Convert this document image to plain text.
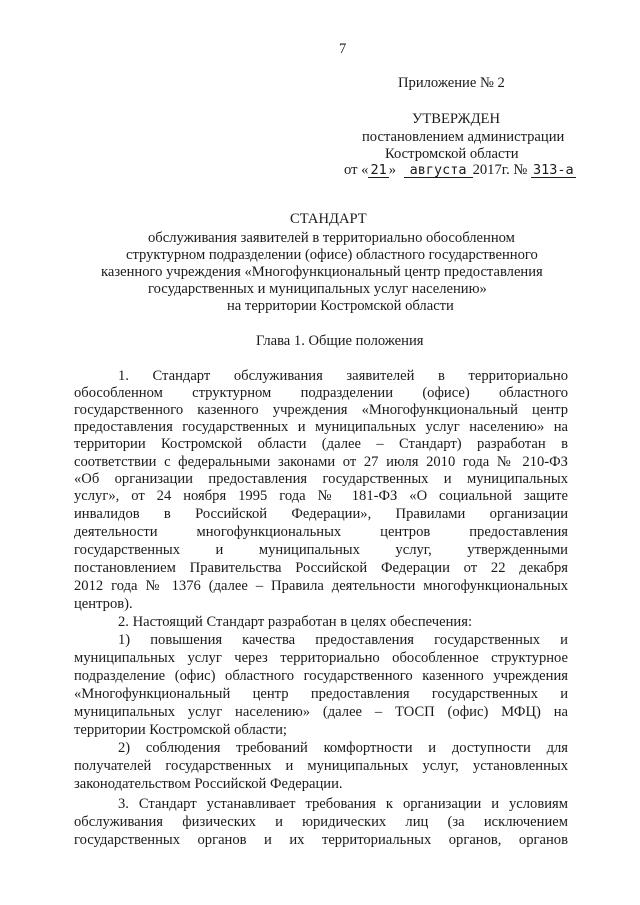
7
Приложение № 2
УТВЕРЖДЕН
постановлением администрации
Костромской области
от « 21 » августа 2017г. № 313-а
СТАНДАРТ
обслуживания заявителей в территориально обособленном
структурном подразделении (офисе) областного государственного
казенного учреждения «Многофункциональный центр предоставления
государственных и муниципальных услуг населению»
на территории Костромской области
Глава 1. Общие положения
1. Стандарт обслуживания заявителей в территориально
обособленном структурном подразделении (офисе) областного
государственного казенного учреждения «Многофункциональный центр
предоставления государственных и муниципальных услуг населению» на
территории Костромской области (далее – Стандарт) разработан в
соответствии с федеральными законами от 27 июля 2010 года № 210-ФЗ
«Об организации предоставления государственных и муниципальных
услуг», от 24 ноября 1995 года № 181-ФЗ «О социальной защите
инвалидов в Российской Федерации», Правилами организации
деятельности многофункциональных центров предоставления
государственных и муниципальных услуг, утвержденными
постановлением Правительства Российской Федерации от 22 декабря
2012 года № 1376 (далее – Правила деятельности многофункциональных
центров).
2. Настоящий Стандарт разработан в целях обеспечения:
1) повышения качества предоставления государственных и
муниципальных услуг через территориально обособленное структурное
подразделение (офис) областного государственного казенного учреждения
«Многофункциональный центр предоставления государственных и
муниципальных услуг населению» (далее – ТОСП (офис) МФЦ) на
территории Костромской области;
2) соблюдения требований комфортности и доступности для
получателей государственных и муниципальных услуг, установленных
законодательством Российской Федерации.
3. Стандарт устанавливает требования к организации и условиям
обслуживания физических и юридических лиц (за исключением
государственных органов и их территориальных органов, органов
